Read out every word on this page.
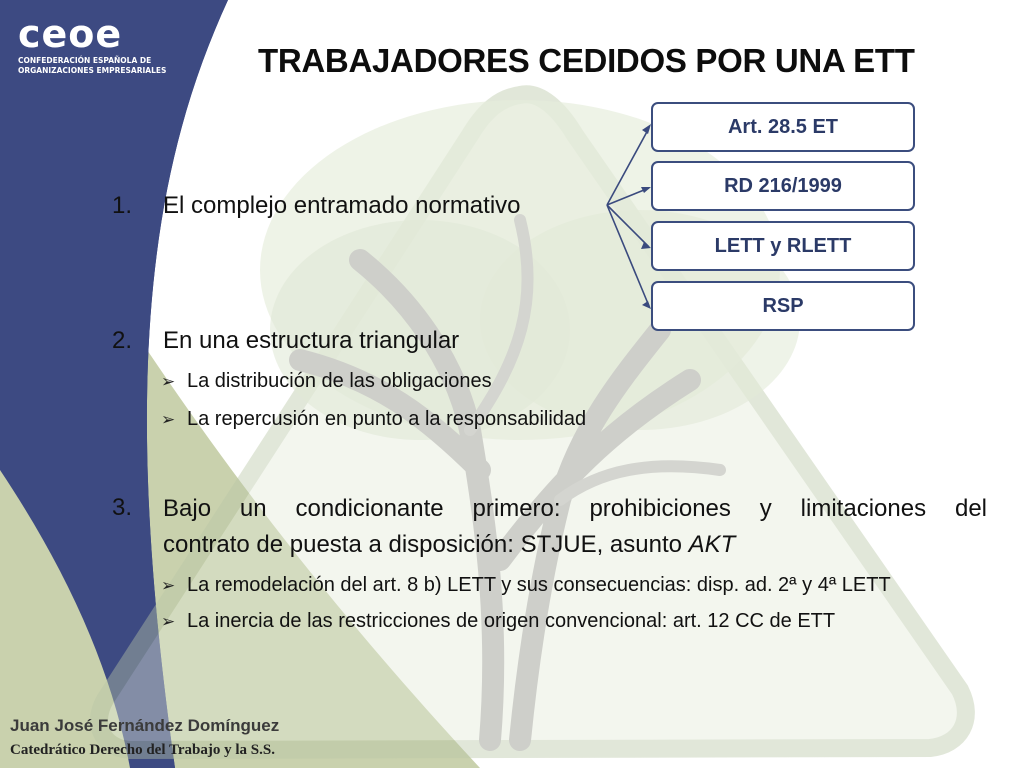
ceoe
CONFEDERACIÓN ESPAÑOLA DE
ORGANIZACIONES EMPRESARIALES	TRABAJADORES CEDIDOS POR UNA ETT
Art. 28.5 ET
RD 216/1999
LETT y RLETT
RSP
1. El complejo entramado normativo
2. En una estructura triangular
➢ La distribución de las obligaciones
➢ La repercusión en punto a la responsabilidad
3. Bajo un condicionante primero: prohibiciones y limitaciones del
contrato de puesta a disposición: STJUE, asunto AKT
➢ La remodelación del art. 8 b) LETT y sus consecuencias: disp. ad. 2ª y 4ª LETT
➢ La inercia de las restricciones de origen convencional: art. 12 CC de ETT
Juan José Fernández Domínguez
Catedrático Derecho del Trabajo y la S.S.
